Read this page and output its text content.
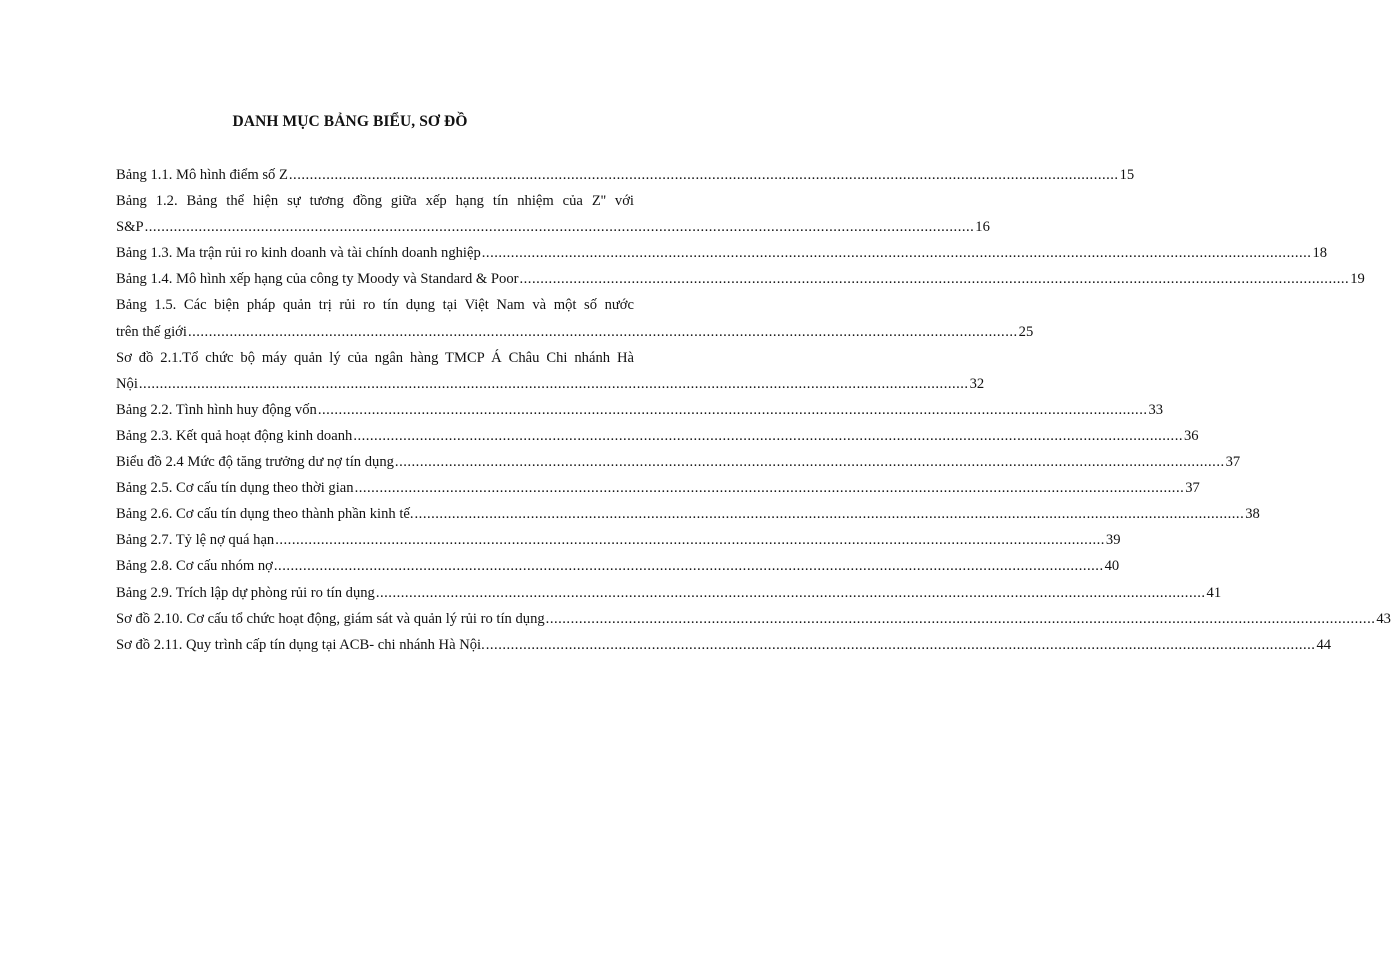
DANH MỤC BẢNG BIỂU, SƠ ĐỒ
Bảng 1.1. Mô hình điểm số Z ........................................................................................................................................................................................................ 15
Bảng 1.2. Bảng thể hiện sự tương đồng giữa xếp hạng tín nhiệm của Z'' với
S&P ........................................................................................................................................................................................................ 16
Bảng 1.3. Ma trận rủi ro kinh doanh và tài chính doanh nghiệp ........................................................................................................................................................................................................ 18
Bảng 1.4. Mô hình xếp hạng của công ty Moody và Standard & Poor ........................................................................................................................................................................................................ 19
Bảng 1.5. Các biện pháp quản trị rủi ro tín dụng tại Việt Nam và một số nước
trên thế giới ........................................................................................................................................................................................................ 25
Sơ đồ 2.1.Tổ chức bộ máy quản lý của ngân hàng TMCP Á Châu Chi nhánh Hà
Nội ........................................................................................................................................................................................................ 32
Bảng 2.2. Tình hình huy động vốn ........................................................................................................................................................................................................ 33
Bảng 2.3. Kết quả hoạt động kinh doanh ........................................................................................................................................................................................................ 36
Biểu đồ 2.4 Mức độ tăng trưởng dư nợ tín dụng ........................................................................................................................................................................................................ 37
Bảng 2.5. Cơ cấu tín dụng theo thời gian ........................................................................................................................................................................................................ 37
Bảng 2.6. Cơ cấu tín dụng theo thành phần kinh tế. ........................................................................................................................................................................................................ 38
Bảng 2.7. Tỷ lệ nợ quá hạn ........................................................................................................................................................................................................ 39
Bảng 2.8. Cơ cấu nhóm nợ ........................................................................................................................................................................................................ 40
Bảng 2.9. Trích lập dự phòng rủi ro tín dụng ........................................................................................................................................................................................................ 41
Sơ đồ 2.10. Cơ cấu tổ chức hoạt động, giám sát và quản lý rủi ro tín dụng ........................................................................................................................................................................................................ 43
Sơ đồ 2.11. Quy trình cấp tín dụng tại ACB- chi nhánh Hà Nội. ........................................................................................................................................................................................................ 44
